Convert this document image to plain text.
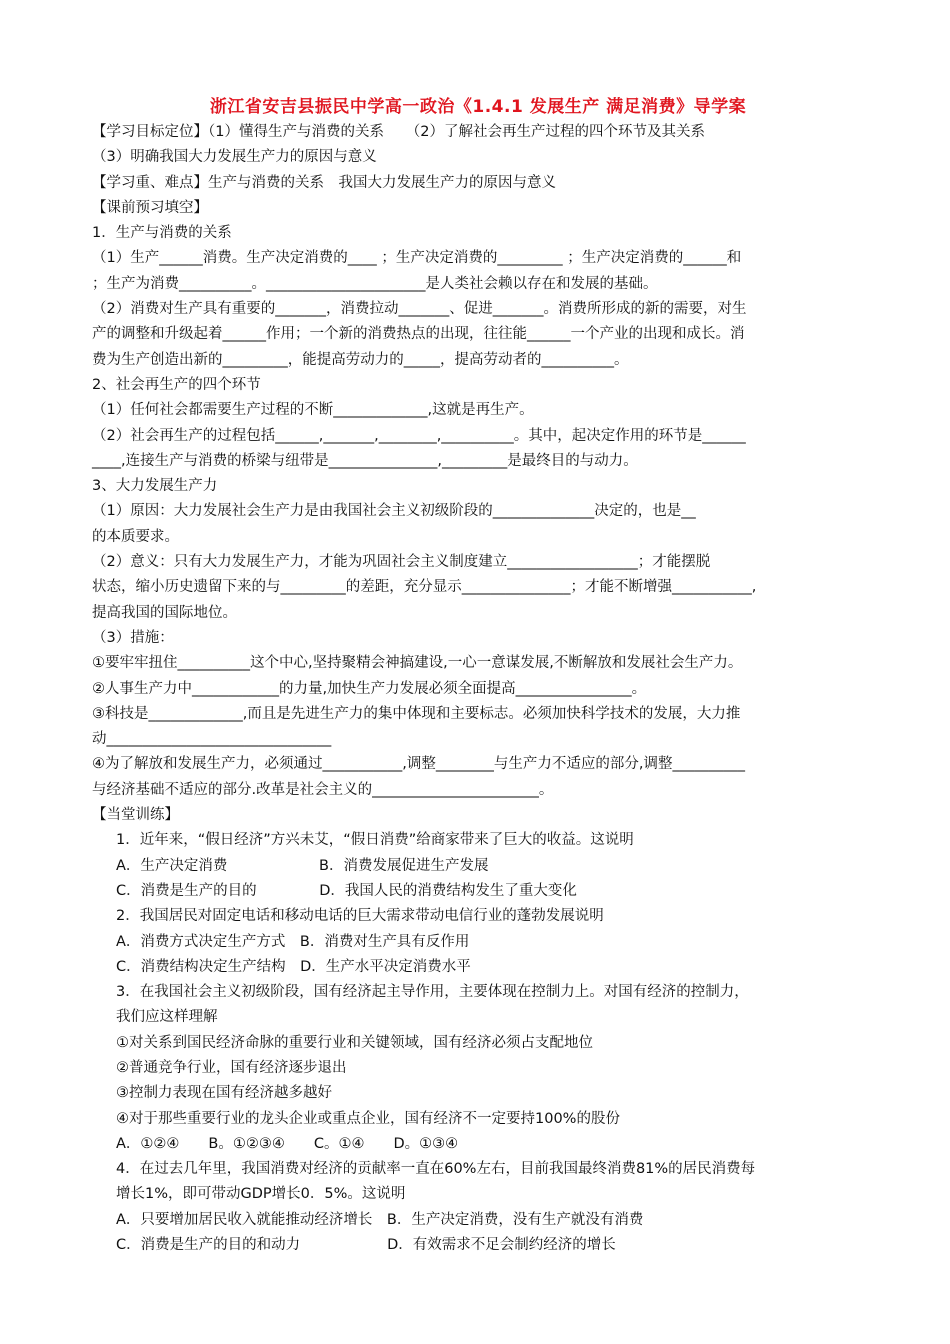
浙江省安吉县振民中学高一政治《1.4.1 发展生产 满足消费》导学案
【学习目标定位】（1）懂得生产与消费的关系　　（2）了解社会再生产过程的四个环节及其关系
（3）明确我国大力发展生产力的原因与意义
【学习重、难点】生产与消费的关系　我国大力发展生产力的原因与意义
【课前预习填空】
1．生产与消费的关系
（1）生产______消费。生产决定消费的____ ；生产决定消费的_________ ；生产决定消费的______和
；生产为消费__________。______________________是人类社会赖以存在和发展的基础。
（2）消费对生产具有重要的_______，消费拉动_______、促进_______。消费所形成的新的需要，对生
产的调整和升级起着______作用；一个新的消费热点的出现，往往能______一个产业的出现和成长。消
费为生产创造出新的_________，能提高劳动力的_____，提高劳动者的__________。
2、社会再生产的四个环节
（1）任何社会都需要生产过程的不断_____________,这就是再生产。
（2）社会再生产的过程包括______,_______,________,__________。其中，起决定作用的环节是______
____,连接生产与消费的桥梁与纽带是_______________,_________是最终目的与动力。
3、大力发展生产力
（1）原因：大力发展社会生产力是由我国社会主义初级阶段的______________决定的，也是__
的本质要求。
（2）意义：只有大力发展生产力，才能为巩固社会主义制度建立__________________；才能摆脱
状态，缩小历史遗留下来的与_________的差距，充分显示_______________；才能不断增强___________,
提高我国的国际地位。
（3）措施：
①要牢牢扭住__________这个中心,坚持聚精会神搞建设,一心一意谋发展,不断解放和发展社会生产力。
②人事生产力中____________的力量,加快生产力发展必须全面提高________________。
③科技是_____________,而且是先进生产力的集中体现和主要标志。必须加快科学技术的发展，大力推
动_______________________________
④为了解放和发展生产力，必须通过___________,调整________与生产力不适应的部分,调整__________
与经济基础不适应的部分.改革是社会主义的_______________________。
【当堂训练】
1．近年来，“假日经济”方兴未艾，“假日消费”给商家带来了巨大的收益。这说明
A．生产决定消费　　　　　　 B．消费发展促进生产发展
C．消费是生产的目的　　　　 D．我国人民的消费结构发生了重大变化
2．我国居民对固定电话和移动电话的巨大需求带动电信行业的蓬勃发展说明
A．消费方式决定生产方式　B．消费对生产具有反作用
C．消费结构决定生产结构　D．生产水平决定消费水平
3．在我国社会主义初级阶段，国有经济起主导作用，主要体现在控制力上。对国有经济的控制力，
我们应这样理解
①对关系到国民经济命脉的重要行业和关键领域，国有经济必须占支配地位
②普通竞争行业，国有经济逐步退出
③控制力表现在国有经济越多越好
④对于那些重要行业的龙头企业或重点企业，国有经济不一定要持100%的股份
A．①②④　　B。①②③④　　C。①④　　D。①③④
4．在过去几年里，我国消费对经济的贡献率一直在60%左右，目前我国最终消费81%的居民消费每
增长1%，即可带动GDP增长0．5%。这说明
A．只要增加居民收入就能推动经济增长　B．生产决定消费，没有生产就没有消费
C．消费是生产的目的和动力　　　　　　D．有效需求不足会制约经济的增长
